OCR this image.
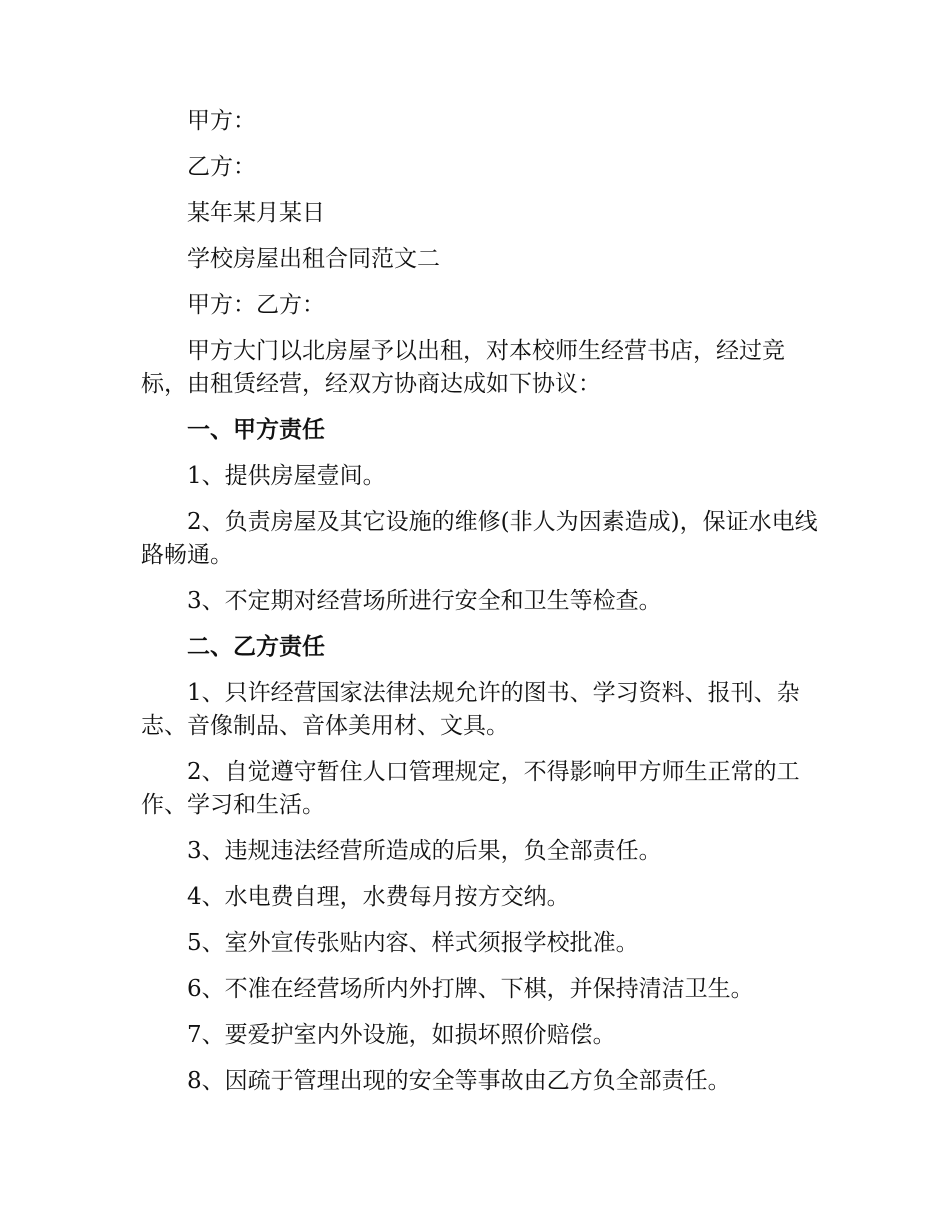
甲方：

乙方：

某年某月某日

学校房屋出租合同范文二

甲方：乙方：

甲方大门以北房屋予以出租，对本校师生经营书店，经过竞标，由租赁经营，经双方协商达成如下协议：

一、甲方责任

1、提供房屋壹间。

2、负责房屋及其它设施的维修(非人为因素造成)，保证水电线路畅通。

3、不定期对经营场所进行安全和卫生等检查。

二、乙方责任

1、只许经营国家法律法规允许的图书、学习资料、报刊、杂志、音像制品、音体美用材、文具。

2、自觉遵守暂住人口管理规定，不得影响甲方师生正常的工作、学习和生活。

3、违规违法经营所造成的后果，负全部责任。

4、水电费自理，水费每月按方交纳。

5、室外宣传张贴内容、样式须报学校批准。

6、不准在经营场所内外打牌、下棋，并保持清洁卫生。

7、要爱护室内外设施，如损坏照价赔偿。

8、因疏于管理出现的安全等事故由乙方负全部责任。
